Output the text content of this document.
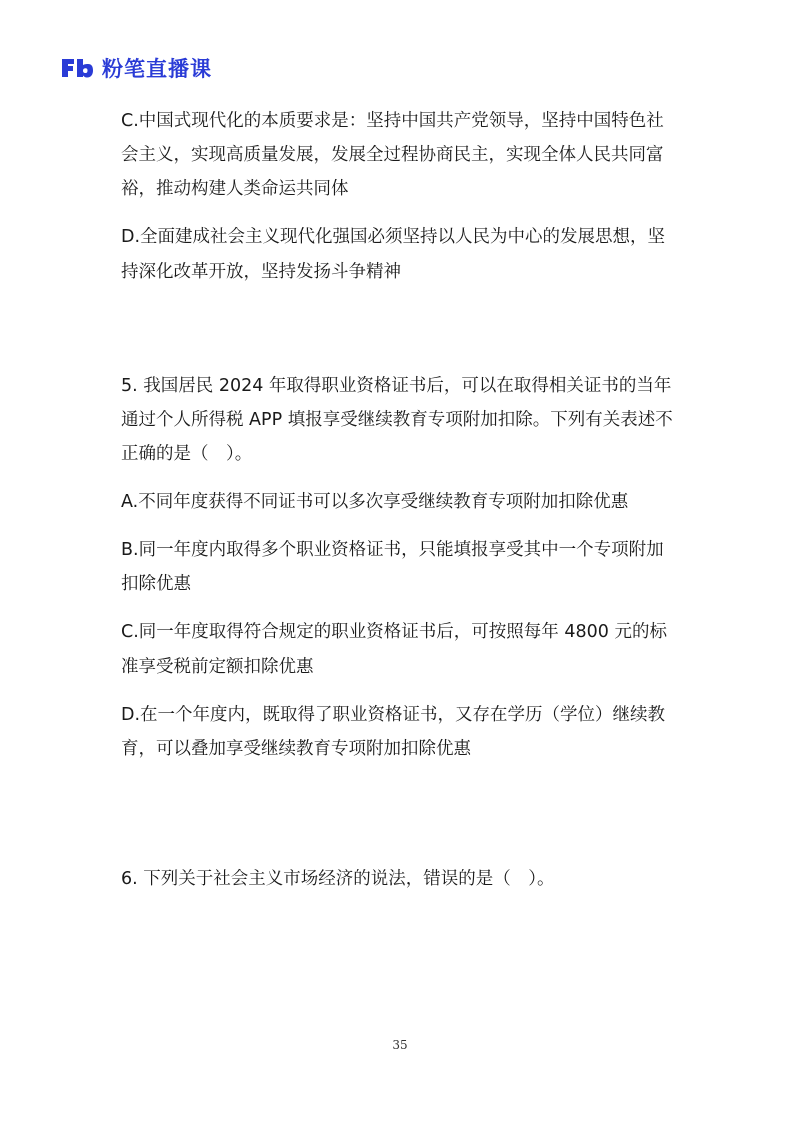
粉笔直播课

C.中国式现代化的本质要求是：坚持中国共产党领导，坚持中国特色社会主义，实现高质量发展，发展全过程协商民主，实现全体人民共同富裕，推动构建人类命运共同体

D.全面建成社会主义现代化强国必须坚持以人民为中心的发展思想，坚持深化改革开放，坚持发扬斗争精神

5. 我国居民 2024 年取得职业资格证书后，可以在取得相关证书的当年通过个人所得税 APP 填报享受继续教育专项附加扣除。下列有关表述不正确的是（　）。

A.不同年度获得不同证书可以多次享受继续教育专项附加扣除优惠

B.同一年度内取得多个职业资格证书，只能填报享受其中一个专项附加扣除优惠

C.同一年度取得符合规定的职业资格证书后，可按照每年 4800 元的标准享受税前定额扣除优惠

D.在一个年度内，既取得了职业资格证书，又存在学历（学位）继续教育，可以叠加享受继续教育专项附加扣除优惠

6. 下列关于社会主义市场经济的说法，错误的是（　）。

35
